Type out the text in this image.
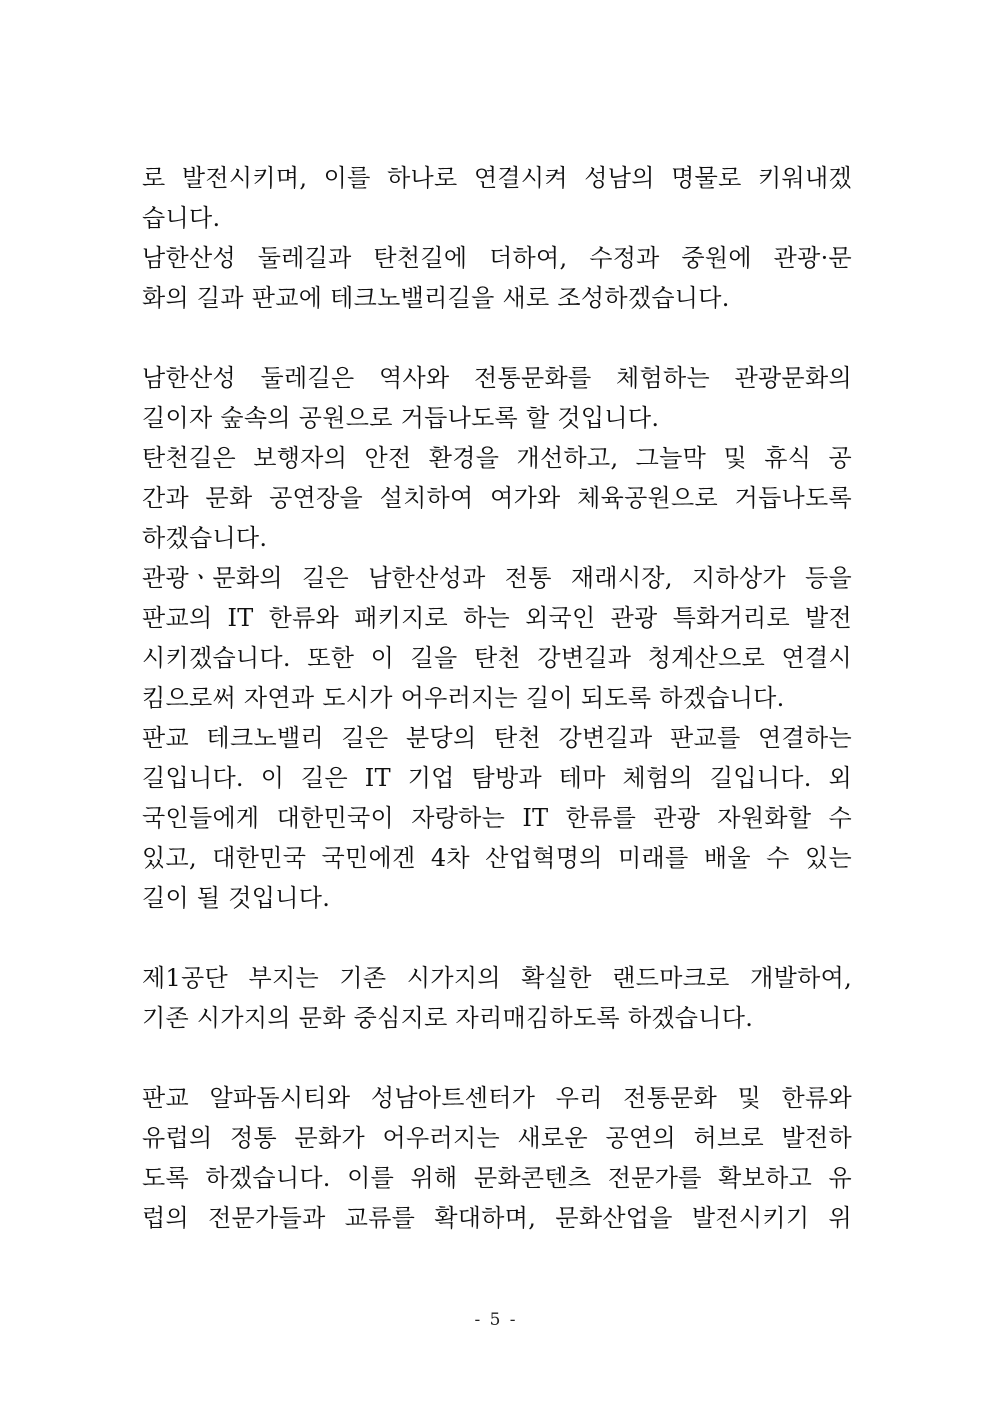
로 발전시키며, 이를 하나로 연결시켜 성남의 명물로 키워내겠
습니다.
남한산성 둘레길과 탄천길에 더하여, 수정과 중원에 관광·문
화의 길과 판교에 테크노밸리길을 새로 조성하겠습니다.
남한산성 둘레길은 역사와 전통문화를 체험하는 관광문화의
길이자 숲속의 공원으로 거듭나도록 할 것입니다.
탄천길은 보행자의 안전 환경을 개선하고, 그늘막 및 휴식 공
간과 문화 공연장을 설치하여 여가와 체육공원으로 거듭나도록
하겠습니다.
관광ㆍ문화의 길은 남한산성과 전통 재래시장, 지하상가 등을
판교의 IT 한류와 패키지로 하는 외국인 관광 특화거리로 발전
시키겠습니다. 또한 이 길을 탄천 강변길과 청계산으로 연결시
킴으로써 자연과 도시가 어우러지는 길이 되도록 하겠습니다.
판교 테크노밸리 길은 분당의 탄천 강변길과 판교를 연결하는
길입니다. 이 길은 IT 기업 탐방과 테마 체험의 길입니다. 외
국인들에게 대한민국이 자랑하는 IT 한류를 관광 자원화할 수
있고, 대한민국 국민에겐 4차 산업혁명의 미래를 배울 수 있는
길이 될 것입니다.
제1공단 부지는 기존 시가지의 확실한 랜드마크로 개발하여,
기존 시가지의 문화 중심지로 자리매김하도록 하겠습니다.
판교 알파돔시티와 성남아트센터가 우리 전통문화 및 한류와
유럽의 정통 문화가 어우러지는 새로운 공연의 허브로 발전하
도록 하겠습니다. 이를 위해 문화콘텐츠 전문가를 확보하고 유
럽의 전문가들과 교류를 확대하며, 문화산업을 발전시키기 위
- 5 -
